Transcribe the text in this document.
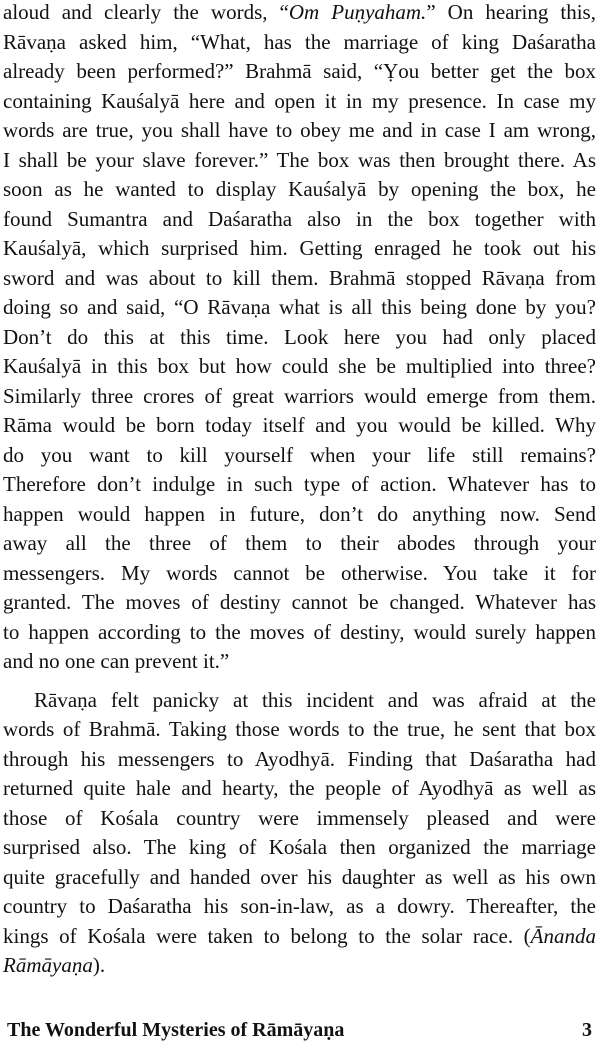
aloud and clearly the words, “Om Puṇyaham.” On hearing this,
Rāvaṇa asked him, “What, has the marriage of king Daśaratha
already been performed?” Brahmā said, “Ỵou better get the box
containing Kauśalyā here and open it in my presence. In case my
words are true, you shall have to obey me and in case I am wrong,
I shall be your slave forever.” The box was then brought there. As
soon as he wanted to display Kauśalyā by opening the box, he
found Sumantra and Daśaratha also in the box together with
Kauśalyā, which surprised him. Getting enraged he took out his
sword and was about to kill them. Brahmā stopped Rāvaṇa from
doing so and said, “O Rāvaṇa what is all this being done by you?
Don’t do this at this time. Look here you had only placed
Kauśalyā in this box but how could she be multiplied into three?
Similarly three crores of great warriors would emerge from them.
Rāma would be born today itself and you would be killed. Why
do you want to kill yourself when your life still remains?
Therefore don’t indulge in such type of action. Whatever has to
happen would happen in future, don’t do anything now. Send
away all the three of them to their abodes through your
messengers. My words cannot be otherwise. You take it for
granted. The moves of destiny cannot be changed. Whatever has
to happen according to the moves of destiny, would surely happen
and no one can prevent it.”
Rāvaṇa felt panicky at this incident and was afraid at the
words of Brahmā. Taking those words to the true, he sent that box
through his messengers to Ayodhyā. Finding that Daśaratha had
returned quite hale and hearty, the people of Ayodhyā as well as
those of Kośala country were immensely pleased and were
surprised also. The king of Kośala then organized the marriage
quite gracefully and handed over his daughter as well as his own
country to Daśaratha his son-in-law, as a dowry. Thereafter, the
kings of Kośala were taken to belong to the solar race. (Ānanda
Rāmāyaṇa).
The Wonderful Mysteries of Rāmāyaṇa	3
